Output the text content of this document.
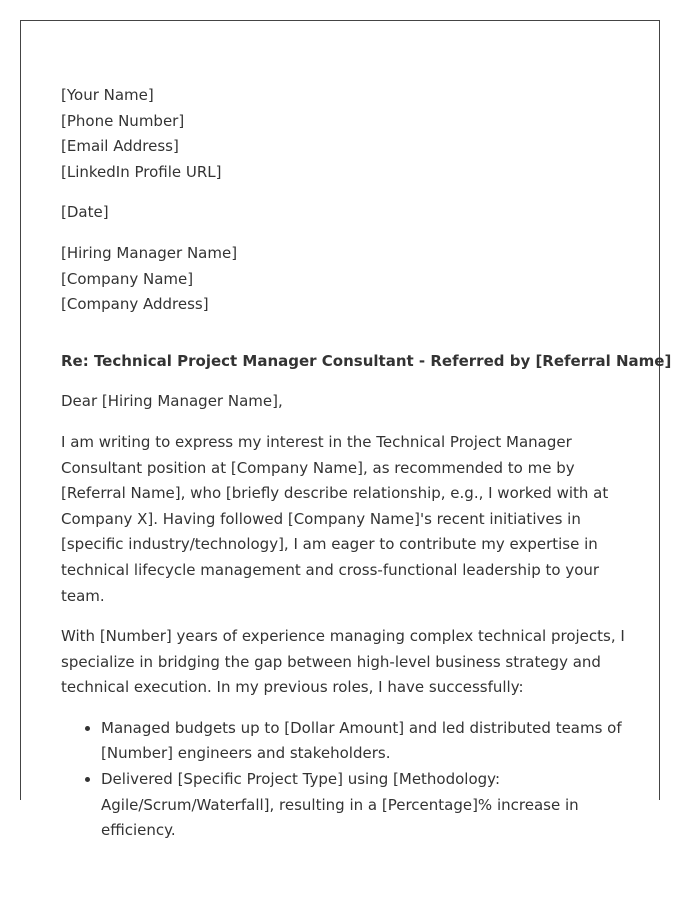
[Your Name]
[Phone Number]
[Email Address]
[LinkedIn Profile URL]
[Date]
[Hiring Manager Name]
[Company Name]
[Company Address]
Re: Technical Project Manager Consultant - Referred by [Referral Name]

Dear [Hiring Manager Name],

I am writing to express my interest in the Technical Project Manager Consultant position at [Company Name], as recommended to me by [Referral Name], who [briefly describe relationship, e.g., I worked with at Company X]. Having followed [Company Name]'s recent initiatives in [specific industry/technology], I am eager to contribute my expertise in technical lifecycle management and cross-functional leadership to your team.

With [Number] years of experience managing complex technical projects, I specialize in bridging the gap between high-level business strategy and technical execution. In my previous roles, I have successfully:

• Managed budgets up to [Dollar Amount] and led distributed teams of [Number] engineers and stakeholders.
• Delivered [Specific Project Type] using [Methodology: Agile/Scrum/Waterfall], resulting in a [Percentage]% increase in efficiency.
